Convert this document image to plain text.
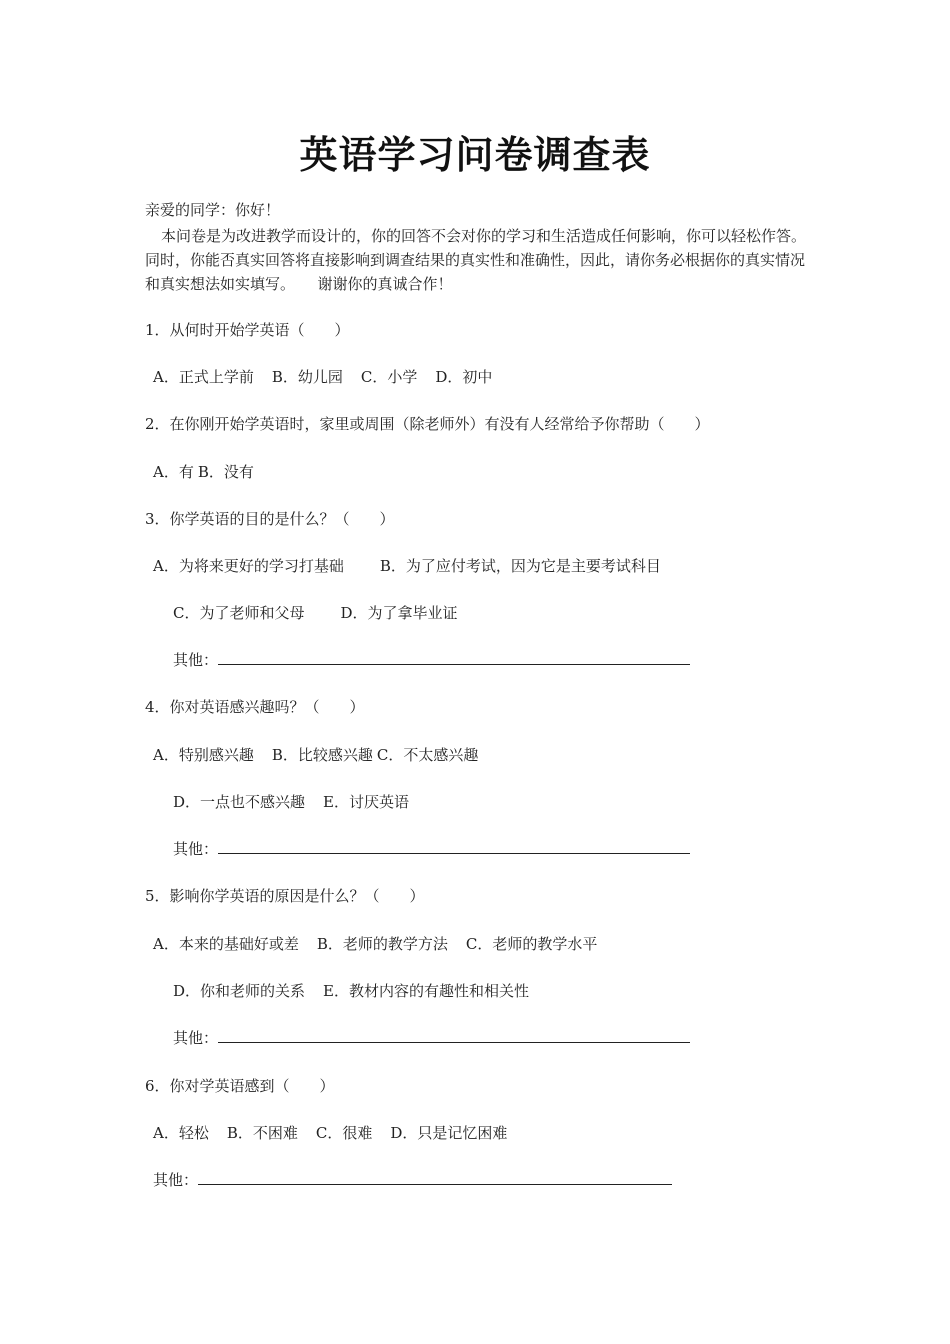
英语学习问卷调查表
亲爱的同学：你好！

本问卷是为改进教学而设计的，你的回答不会对你的学习和生活造成任何影响，你可以轻松作答。同时，你能否真实回答将直接影响到调查结果的真实性和准确性，因此，请你务必根据你的真实情况和真实想法如实填写。　　谢谢你的真诚合作！

1．从何时开始学英语（　　）
A．正式上学前 B．幼儿园 C．小学 D．初中
2．在你刚开始学英语时，家里或周围（除老师外）有没有人经常给予你帮助（　　）
A．有 B．没有
3．你学英语的目的是什么？（　　）
A．为将来更好的学习打基础 B．为了应付考试，因为它是主要考试科目
C．为了老师和父母 D．为了拿毕业证
其他：
4．你对英语感兴趣吗？（　　）
A．特别感兴趣 B．比较感兴趣 C．不太感兴趣
D．一点也不感兴趣 E．讨厌英语
其他：
5．影响你学英语的原因是什么？（　　）
A．本来的基础好或差 B．老师的教学方法 C．老师的教学水平
D．你和老师的关系 E．教材内容的有趣性和相关性
其他：
6．你对学英语感到（　　）
A．轻松 B．不困难 C．很难 D．只是记忆困难
其他：
